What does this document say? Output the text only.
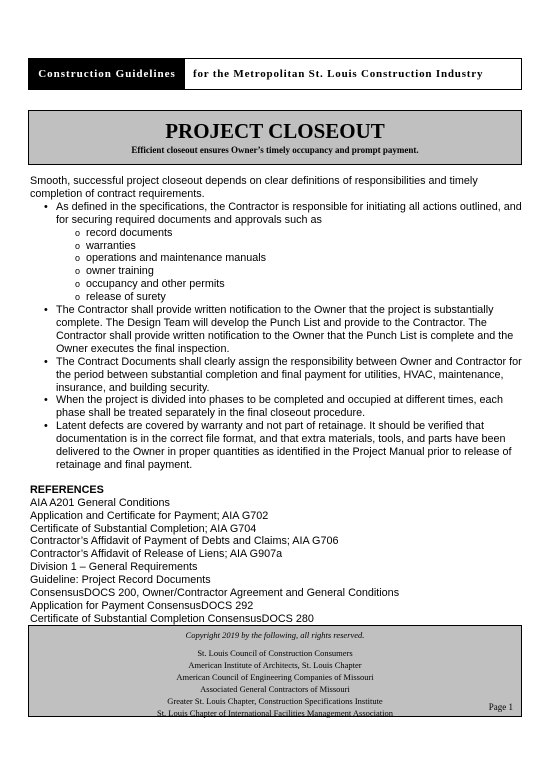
Construction Guidelines	for the Metropolitan St. Louis Construction Industry
PROJECT CLOSEOUT
Efficient closeout ensures Owner’s timely occupancy and prompt payment.

Smooth, successful project closeout depends on clear definitions of responsibilities and timely completion of contract requirements.

• As defined in the specifications, the Contractor is responsible for initiating all actions outlined, and for securing required documents and approvals such as
o record documents
o warranties
o operations and maintenance manuals
o owner training
o occupancy and other permits
o release of surety
• The Contractor shall provide written notification to the Owner that the project is substantially complete. The Design Team will develop the Punch List and provide to the Contractor. The Contractor shall provide written notification to the Owner that the Punch List is complete and the Owner executes the final inspection.
• The Contract Documents shall clearly assign the responsibility between Owner and Contractor for the period between substantial completion and final payment for utilities, HVAC, maintenance, insurance, and building security.
• When the project is divided into phases to be completed and occupied at different times, each phase shall be treated separately in the final closeout procedure.
• Latent defects are covered by warranty and not part of retainage. It should be verified that documentation is in the correct file format, and that extra materials, tools, and parts have been delivered to the Owner in proper quantities as identified in the Project Manual prior to release of retainage and final payment.
REFERENCES
AIA A201 General Conditions
Application and Certificate for Payment; AIA G702
Certificate of Substantial Completion; AIA G704
Contractor’s Affidavit of Payment of Debts and Claims; AIA G706
Contractor’s Affidavit of Release of Liens; AIA G907a
Division 1 – General Requirements
Guideline: Project Record Documents
ConsensusDOCS 200, Owner/Contractor Agreement and General Conditions
Application for Payment ConsensusDOCS 292
Certificate of Substantial Completion ConsensusDOCS 280
Copyright 2019 by the following, all rights reserved.
St. Louis Council of Construction Consumers
American Institute of Architects, St. Louis Chapter
American Council of Engineering Companies of Missouri
Associated General Contractors of Missouri
Greater St. Louis Chapter, Construction Specifications Institute
St. Louis Chapter of International Facilities Management Association
Page 1
